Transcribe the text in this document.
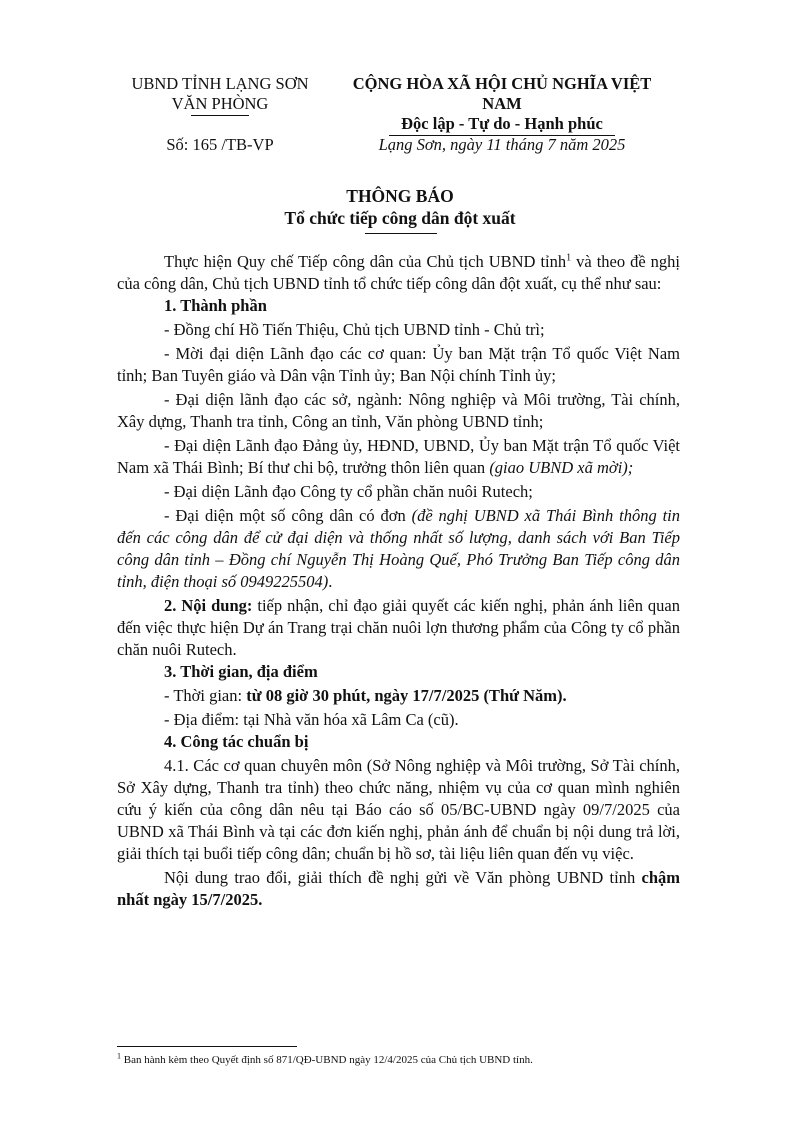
UBND TỈNH LẠNG SƠN
VĂN PHÒNG
CỘNG HÒA XÃ HỘI CHỦ NGHĨA VIỆT NAM
Độc lập - Tự do - Hạnh phúc
Số: 165 /TB-VP	Lạng Sơn, ngày 11 tháng 7 năm 2025
THÔNG BÁO
Tổ chức tiếp công dân đột xuất

Thực hiện Quy chế Tiếp công dân của Chủ tịch UBND tỉnh$^1$ và theo đề nghị của công dân, Chủ tịch UBND tỉnh tổ chức tiếp công dân đột xuất, cụ thể như sau:

1. Thành phần

- Đồng chí Hồ Tiến Thiệu, Chủ tịch UBND tỉnh - Chủ trì;

- Mời đại diện Lãnh đạo các cơ quan: Ủy ban Mặt trận Tổ quốc Việt Nam tỉnh; Ban Tuyên giáo và Dân vận Tỉnh ủy; Ban Nội chính Tỉnh ủy;

- Đại diện lãnh đạo các sở, ngành: Nông nghiệp và Môi trường, Tài chính, Xây dựng, Thanh tra tỉnh, Công an tỉnh, Văn phòng UBND tỉnh;

- Đại diện Lãnh đạo Đảng ủy, HĐND, UBND, Ủy ban Mặt trận Tổ quốc Việt Nam xã Thái Bình; Bí thư chi bộ, trưởng thôn liên quan (giao UBND xã mời);

- Đại diện Lãnh đạo Công ty cổ phần chăn nuôi Rutech;

- Đại diện một số công dân có đơn (đề nghị UBND xã Thái Bình thông tin đến các công dân để cử đại diện và thống nhất số lượng, danh sách với Ban Tiếp công dân tỉnh – Đồng chí Nguyễn Thị Hoàng Quế, Phó Trưởng Ban Tiếp công dân tỉnh, điện thoại số 0949225504).

2. Nội dung: tiếp nhận, chỉ đạo giải quyết các kiến nghị, phản ánh liên quan đến việc thực hiện Dự án Trang trại chăn nuôi lợn thương phẩm của Công ty cổ phần chăn nuôi Rutech.

3. Thời gian, địa điểm

- Thời gian: từ 08 giờ 30 phút, ngày 17/7/2025 (Thứ Năm).

- Địa điểm: tại Nhà văn hóa xã Lâm Ca (cũ).

4. Công tác chuẩn bị

4.1. Các cơ quan chuyên môn (Sở Nông nghiệp và Môi trường, Sở Tài chính, Sở Xây dựng, Thanh tra tỉnh) theo chức năng, nhiệm vụ của cơ quan mình nghiên cứu ý kiến của công dân nêu tại Báo cáo số 05/BC-UBND ngày 09/7/2025 của UBND xã Thái Bình và tại các đơn kiến nghị, phản ánh để chuẩn bị nội dung trả lời, giải thích tại buổi tiếp công dân; chuẩn bị hồ sơ, tài liệu liên quan đến vụ việc.

Nội dung trao đổi, giải thích đề nghị gửi về Văn phòng UBND tỉnh chậm nhất ngày 15/7/2025.

$^1$ Ban hành kèm theo Quyết định số 871/QĐ-UBND ngày 12/4/2025 của Chủ tịch UBND tỉnh.
